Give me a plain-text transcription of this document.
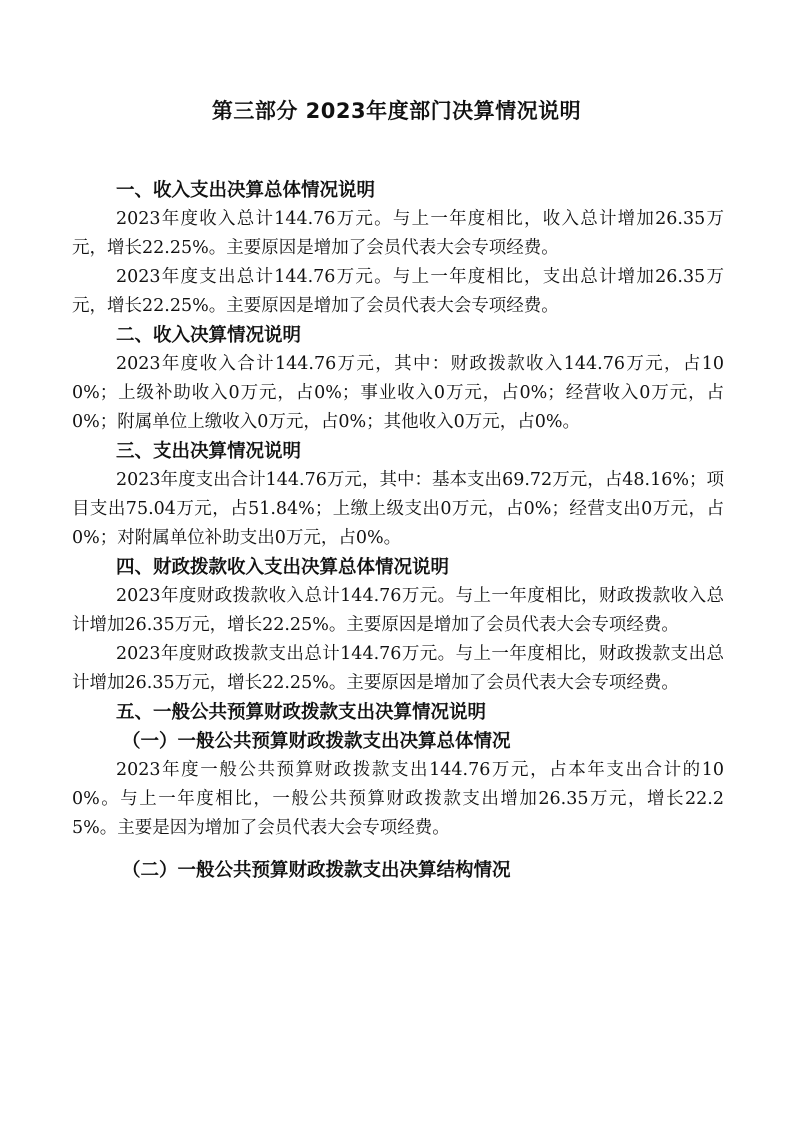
第三部分 2023年度部门决算情况说明
一、收入支出决算总体情况说明
2023年度收入总计144.76万元。与上一年度相比，收入总计增加26.35万元，增长22.25%。主要原因是增加了会员代表大会专项经费。
2023年度支出总计144.76万元。与上一年度相比，支出总计增加26.35万元，增长22.25%。主要原因是增加了会员代表大会专项经费。
二、收入决算情况说明
2023年度收入合计144.76万元，其中：财政拨款收入144.76万元，占100%；上级补助收入0万元，占0%；事业收入0万元，占0%；经营收入0万元，占0%；附属单位上缴收入0万元，占0%；其他收入0万元，占0%。
三、支出决算情况说明
2023年度支出合计144.76万元，其中：基本支出69.72万元，占48.16%；项目支出75.04万元，占51.84%；上缴上级支出0万元，占0%；经营支出0万元，占0%；对附属单位补助支出0万元，占0%。
四、财政拨款收入支出决算总体情况说明
2023年度财政拨款收入总计144.76万元。与上一年度相比，财政拨款收入总计增加26.35万元，增长22.25%。主要原因是增加了会员代表大会专项经费。
2023年度财政拨款支出总计144.76万元。与上一年度相比，财政拨款支出总计增加26.35万元，增长22.25%。主要原因是增加了会员代表大会专项经费。
五、一般公共预算财政拨款支出决算情况说明
（一）一般公共预算财政拨款支出决算总体情况
2023年度一般公共预算财政拨款支出144.76万元，占本年支出合计的100%。与上一年度相比，一般公共预算财政拨款支出增加26.35万元，增长22.25%。主要是因为增加了会员代表大会专项经费。
（二）一般公共预算财政拨款支出决算结构情况
